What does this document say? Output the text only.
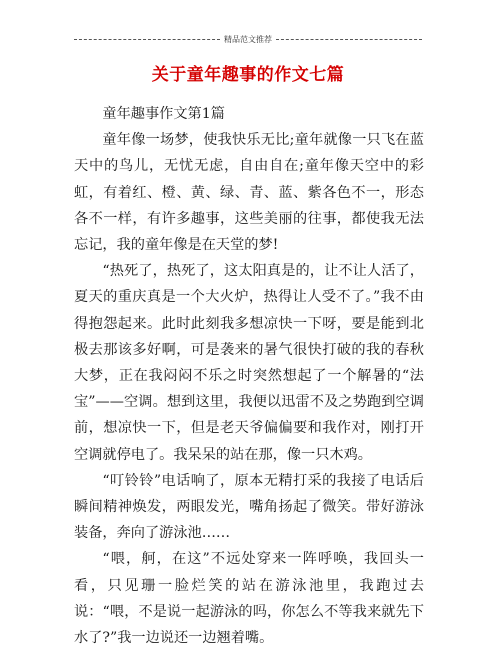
精品范文推荐
关于童年趣事的作文七篇

童年趣事作文第1篇

童年像一场梦，使我快乐无比;童年就像一只飞在蓝天中的鸟儿，无忧无虑，自由自在;童年像天空中的彩虹，有着红、橙、黄、绿、青、蓝、紫各色不一，形态各不一样，有许多趣事，这些美丽的往事，都使我无法忘记，我的童年像是在天堂的梦!

“热死了，热死了，这太阳真是的，让不让人活了，夏天的重庆真是一个大火炉，热得让人受不了。”我不由得抱怨起来。此时此刻我多想凉快一下呀，要是能到北极去那该多好啊，可是袭来的暑气很快打破的我的春秋大梦，正在我闷闷不乐之时突然想起了一个解暑的“法宝”——空调。想到这里，我便以迅雷不及之势跑到空调前，想凉快一下，但是老天爷偏偏要和我作对，刚打开空调就停电了。我呆呆的站在那，像一只木鸡。

“叮铃铃”电话响了，原本无精打采的我接了电话后瞬间精神焕发，两眼发光，嘴角扬起了微笑。带好游泳装备，奔向了游泳池……

“喂，舸，在这”不远处穿来一阵呼唤，我回头一看，只见珊一脸烂笑的站在游泳池里，我跑过去说：“喂，不是说一起游泳的吗，你怎么不等我来就先下水了?”我一边说还一边翘着嘴。
